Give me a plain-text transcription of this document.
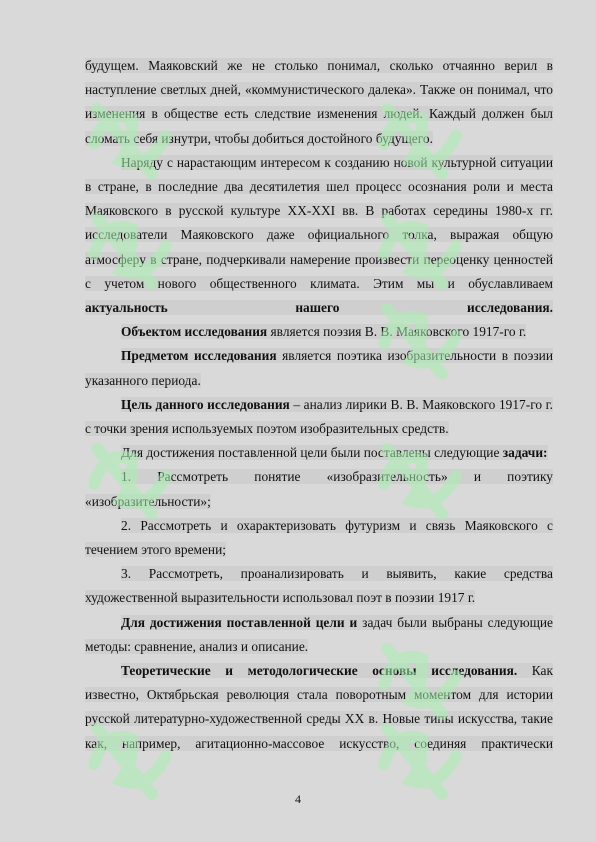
будущем. Маяковский же не столько понимал, сколько отчаянно верил в наступление светлых дней, «коммунистического далека». Также он понимал, что изменения в обществе есть следствие изменения людей. Каждый должен был сломать себя изнутри, чтобы добиться достойного будущего.

Наряду с нарастающим интересом к созданию новой культурной ситуации в стране, в последние два десятилетия шел процесс осознания роли и места Маяковского в русской культуре ХХ-ХХI вв. В работах середины 1980-х гг. исследователи Маяковского даже официального толка, выражая общую атмосферу в стране, подчеркивали намерение произвести переоценку ценностей с учетом нового общественного климата. Этим мы и обуславливаем актуальность нашего исследования.

Объектом исследования является поэзия В. В. Маяковского 1917-го г.

Предметом исследования является поэтика изобразительности в поэзии указанного периода.

Цель данного исследования – анализ лирики В. В. Маяковского 1917-го г. с точки зрения используемых поэтом изобразительных средств.

Для достижения поставленной цели были поставлены следующие задачи:

1. Рассмотреть понятие «изобразительность» и поэтику «изобразительности»;

2. Рассмотреть и охарактеризовать футуризм и связь Маяковского с течением этого времени;

3. Рассмотреть, проанализировать и выявить, какие средства художественной выразительности использовал поэт в поэзии 1917 г.

Для достижения поставленной цели и задач были выбраны следующие методы: сравнение, анализ и описание.

Теоретические и методологические основы исследования. Как известно, Октябрьская революция стала поворотным моментом для истории русской литературно-художественной среды ХХ в. Новые типы искусства, такие как, например, агитационно-массовое искусство, соединяя практически

4
